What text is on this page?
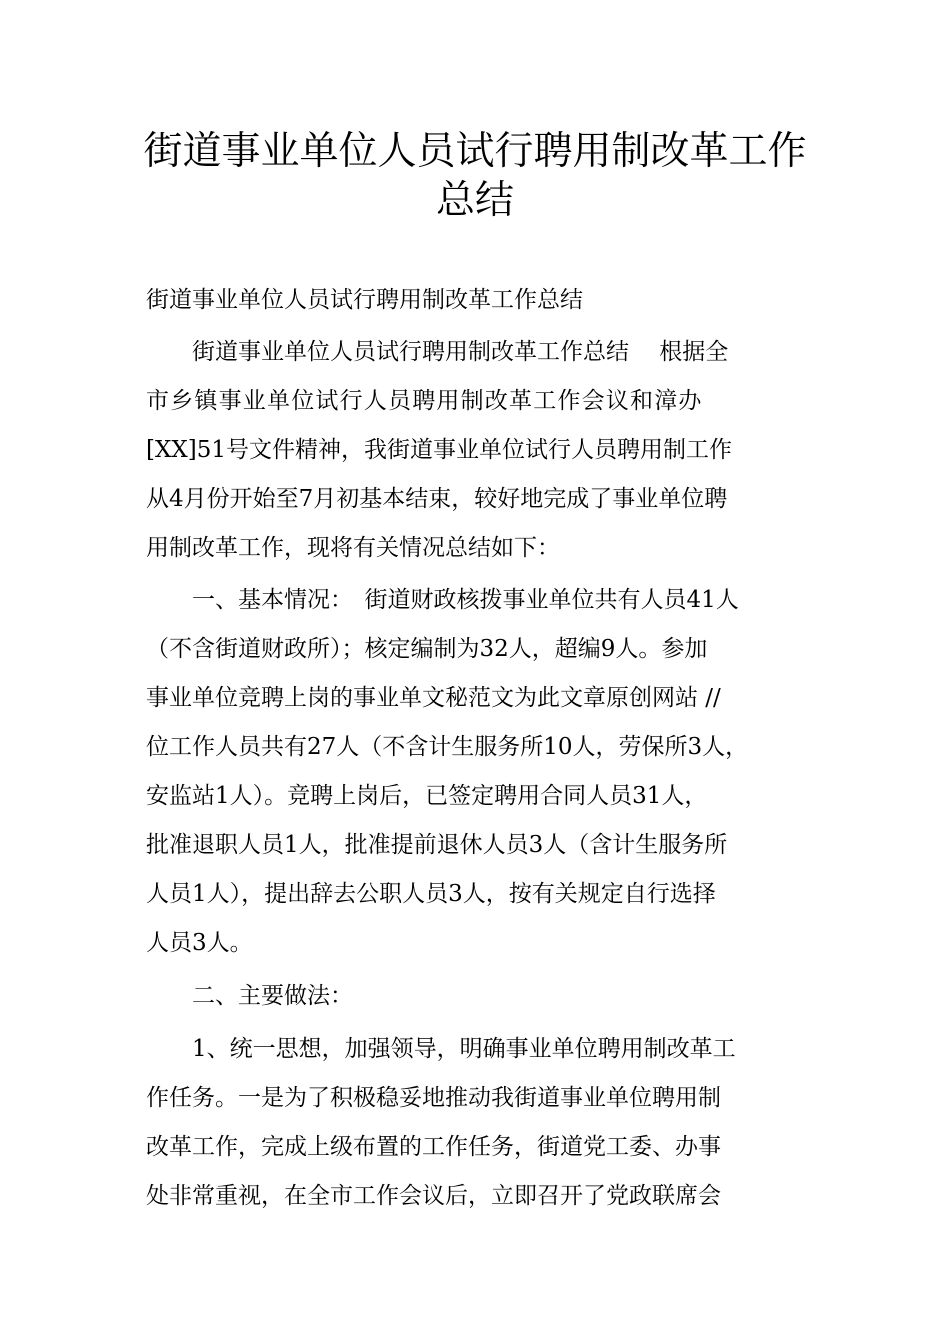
街道事业单位人员试行聘用制改革工作
总结
街道事业单位人员试行聘用制改革工作总结
　　街道事业单位人员试行聘用制改革工作总结　 根据全
市乡镇事业单位试行人员聘用制改革工作会议和漳办
[XX]51号文件精神，我街道事业单位试行人员聘用制工作
从4月份开始至7月初基本结束，较好地完成了事业单位聘
用制改革工作，现将有关情况总结如下：
　　一、基本情况：　街道财政核拨事业单位共有人员41人
（不含街道财政所）；核定编制为32人，超编9人。参加
事业单位竞聘上岗的事业单文秘范文为此文章原创网站 //
位工作人员共有27人（不含计生服务所10人，劳保所3人，
安监站1人）。竞聘上岗后，已签定聘用合同人员31人，
批准退职人员1人，批准提前退休人员3人（含计生服务所
人员1人），提出辞去公职人员3人，按有关规定自行选择
人员3人。
　　二、主要做法：
　　1、统一思想，加强领导，明确事业单位聘用制改革工
作任务。一是为了积极稳妥地推动我街道事业单位聘用制
改革工作，完成上级布置的工作任务，街道党工委、办事
处非常重视，在全市工作会议后，立即召开了党政联席会
